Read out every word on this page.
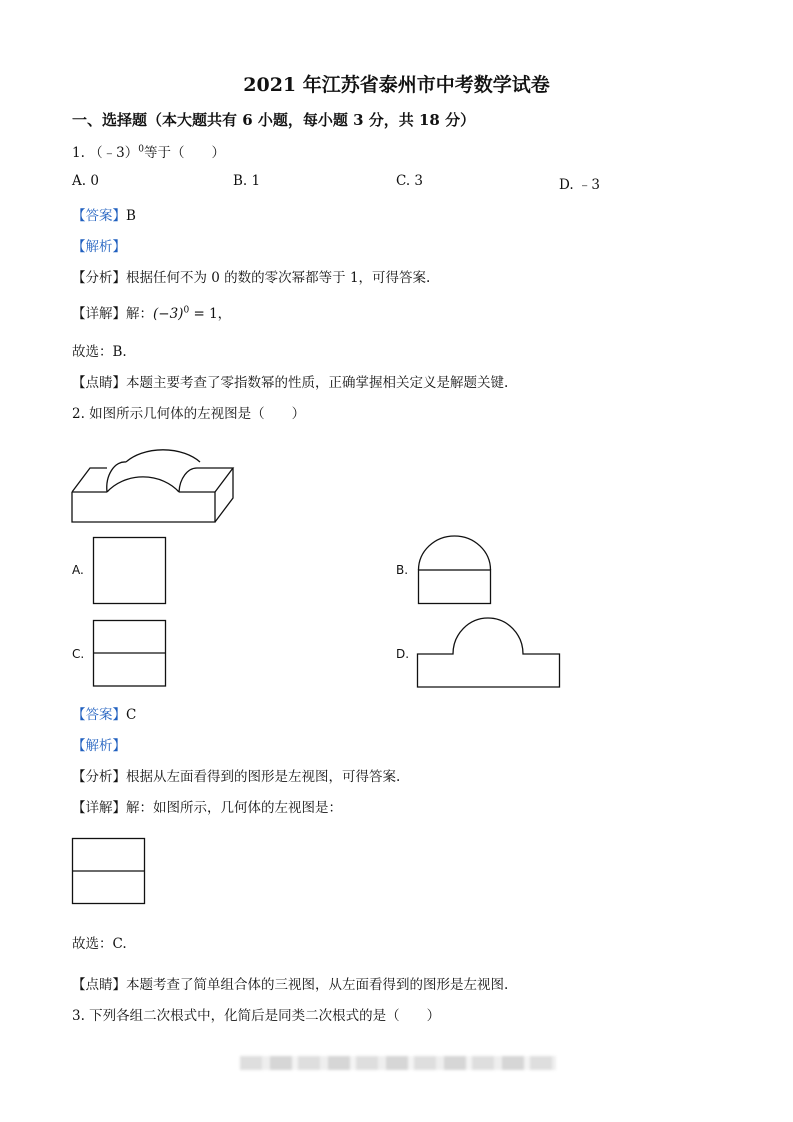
2021 年江苏省泰州市中考数学试卷
一、选择题（本大题共有 6 小题，每小题 3 分，共 18 分）
1. （﹣3）$^0$等于（　　）
A. 0	B. 1	C. 3	D. ﹣3
【答案】B
【解析】
【分析】根据任何不为 0 的数的零次幂都等于 1，可得答案.
【详解】解：$(-3)^0 = 1$，
故选：B.
【点睛】本题主要考查了零指数幂的性质，正确掌握相关定义是解题关键.
2. 如图所示几何体的左视图是（　　）
A.	B.
C.	D.
【答案】C
【解析】
【分析】根据从左面看得到的图形是左视图，可得答案.
【详解】解：如图所示，几何体的左视图是：
故选：C.
【点睛】本题考查了简单组合体的三视图，从左面看得到的图形是左视图.
3. 下列各组二次根式中，化简后是同类二次根式的是（　　）
